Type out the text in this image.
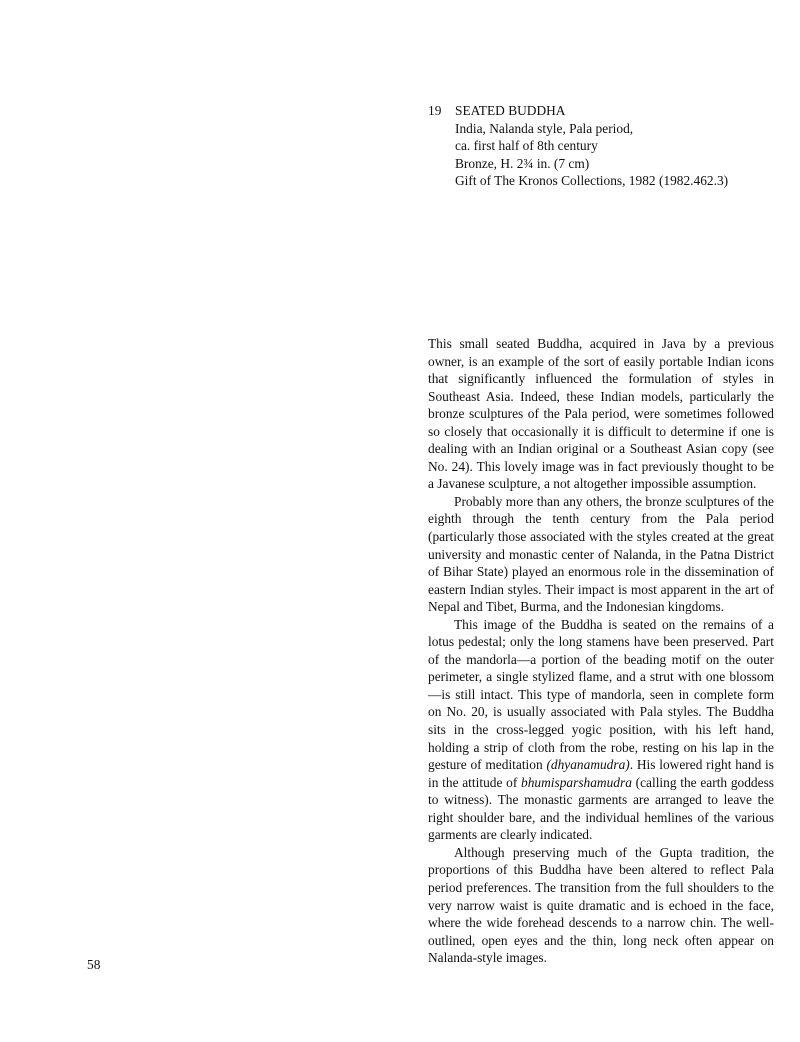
19	SEATED BUDDHA
India, Nalanda style, Pala period,
ca. first half of 8th century
Bronze, H. 2¾ in. (7 cm)
Gift of The Kronos Collections, 1982 (1982.462.3)

This small seated Buddha, acquired in Java by a previous owner, is an example of the sort of easily portable Indian icons that significantly influenced the formulation of styles in Southeast Asia. Indeed, these Indian models, particularly the bronze sculptures of the Pala period, were sometimes followed so closely that occasionally it is difficult to determine if one is dealing with an Indian original or a Southeast Asian copy (see No. 24). This lovely image was in fact previously thought to be a Javanese sculpture, a not altogether impossible assumption.

Probably more than any others, the bronze sculptures of the eighth through the tenth century from the Pala period (particularly those associated with the styles created at the great university and monastic center of Nalanda, in the Patna District of Bihar State) played an enormous role in the dissemination of eastern Indian styles. Their impact is most apparent in the art of Nepal and Tibet, Burma, and the Indonesian kingdoms.

This image of the Buddha is seated on the remains of a lotus pedestal; only the long stamens have been preserved. Part of the mandorla—a portion of the beading motif on the outer perimeter, a single stylized flame, and a strut with one blossom—is still intact. This type of mandorla, seen in complete form on No. 20, is usually associated with Pala styles. The Buddha sits in the cross-legged yogic position, with his left hand, holding a strip of cloth from the robe, resting on his lap in the gesture of meditation (dhyanamudra). His lowered right hand is in the attitude of bhumisparshamudra (calling the earth goddess to witness). The monastic garments are arranged to leave the right shoulder bare, and the individual hemlines of the various garments are clearly indicated.

Although preserving much of the Gupta tradition, the proportions of this Buddha have been altered to reflect Pala period preferences. The transition from the full shoulders to the very narrow waist is quite dramatic and is echoed in the face, where the wide forehead descends to a narrow chin. The well-outlined, open eyes and the thin, long neck often appear on Nalanda-style images.

58
